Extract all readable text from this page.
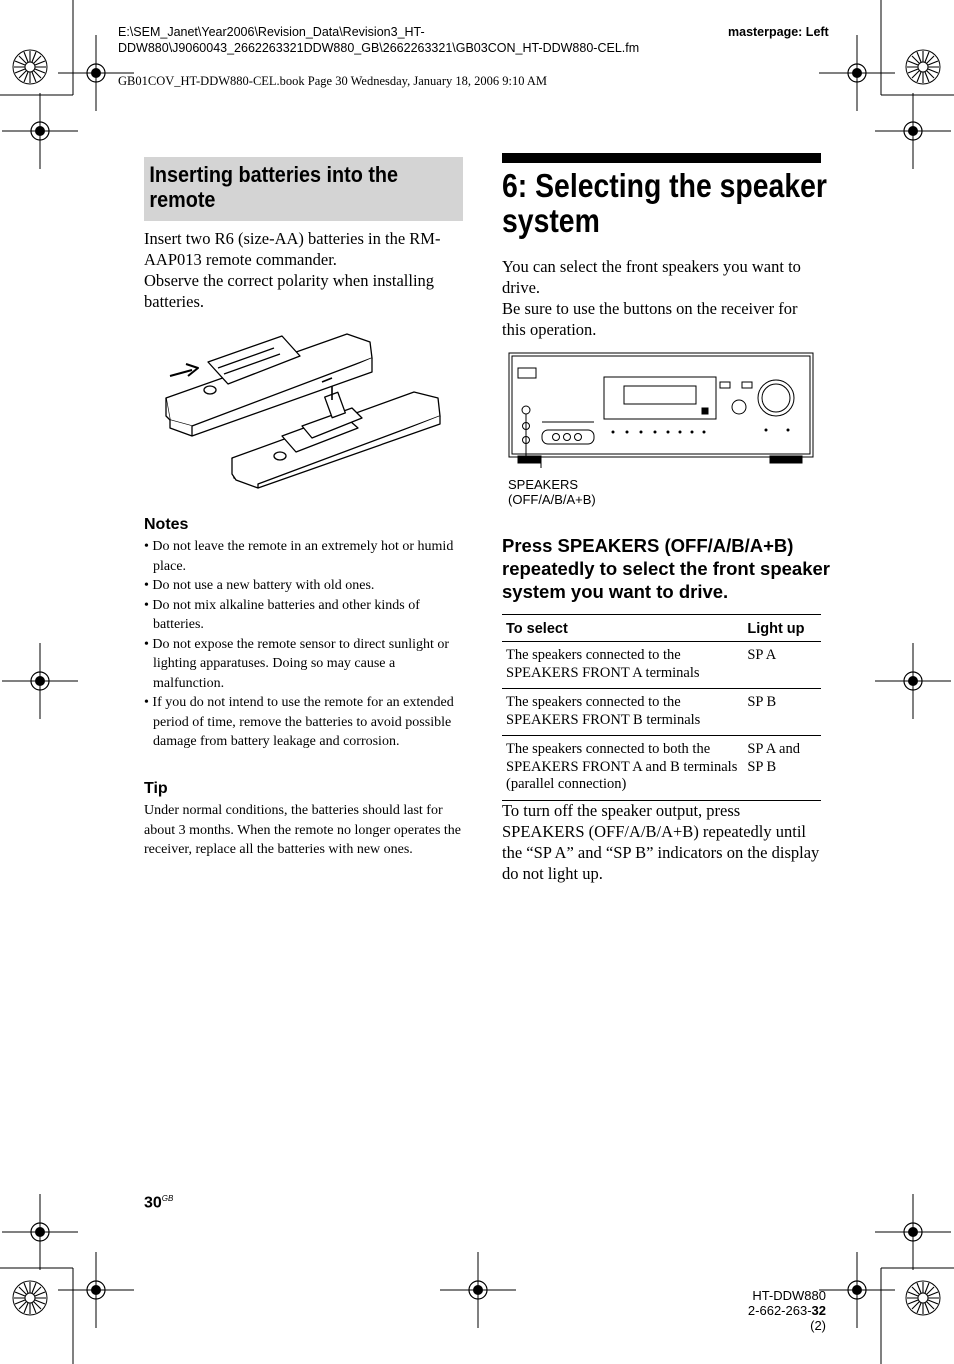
E:\SEM_Janet\Year2006\Revision_Data\Revision3_HT-
DDW880\J9060043_2662263321DDW880_GB\2662263321\GB03CON_HT-DDW880-CEL.fm
masterpage: Left
GB01COV_HT-DDW880-CEL.book Page 30 Wednesday, January 18, 2006 9:10 AM
Inserting batteries into the remote
Insert two R6 (size-AA) batteries in the RM-AAP013 remote commander.
Observe the correct polarity when installing batteries.
Notes
• Do not leave the remote in an extremely hot or humid place.
• Do not use a new battery with old ones.
• Do not mix alkaline batteries and other kinds of batteries.
• Do not expose the remote sensor to direct sunlight or lighting apparatuses. Doing so may cause a malfunction.
• If you do not intend to use the remote for an extended period of time, remove the batteries to avoid possible damage from battery leakage and corrosion.
Tip
Under normal conditions, the batteries should last for about 3 months. When the remote no longer operates the receiver, replace all the batteries with new ones.
6: Selecting the speaker system
You can select the front speakers you want to drive.
Be sure to use the buttons on the receiver for this operation.
SPEAKERS (OFF/A/B/A+B)
Press SPEAKERS (OFF/A/B/A+B) repeatedly to select the front speaker system you want to drive.
To select	Light up
The speakers connected to the SPEAKERS FRONT A terminals	SP A
The speakers connected to the SPEAKERS FRONT B terminals	SP B
The speakers connected to both the SPEAKERS FRONT A and B terminals (parallel connection)	SP A and SP B
To turn off the speaker output, press SPEAKERS (OFF/A/B/A+B) repeatedly until the “SP A” and “SP B” indicators on the display do not light up.
$30^{GB}$
HT-DDW880
2-662-263-32 (2)
